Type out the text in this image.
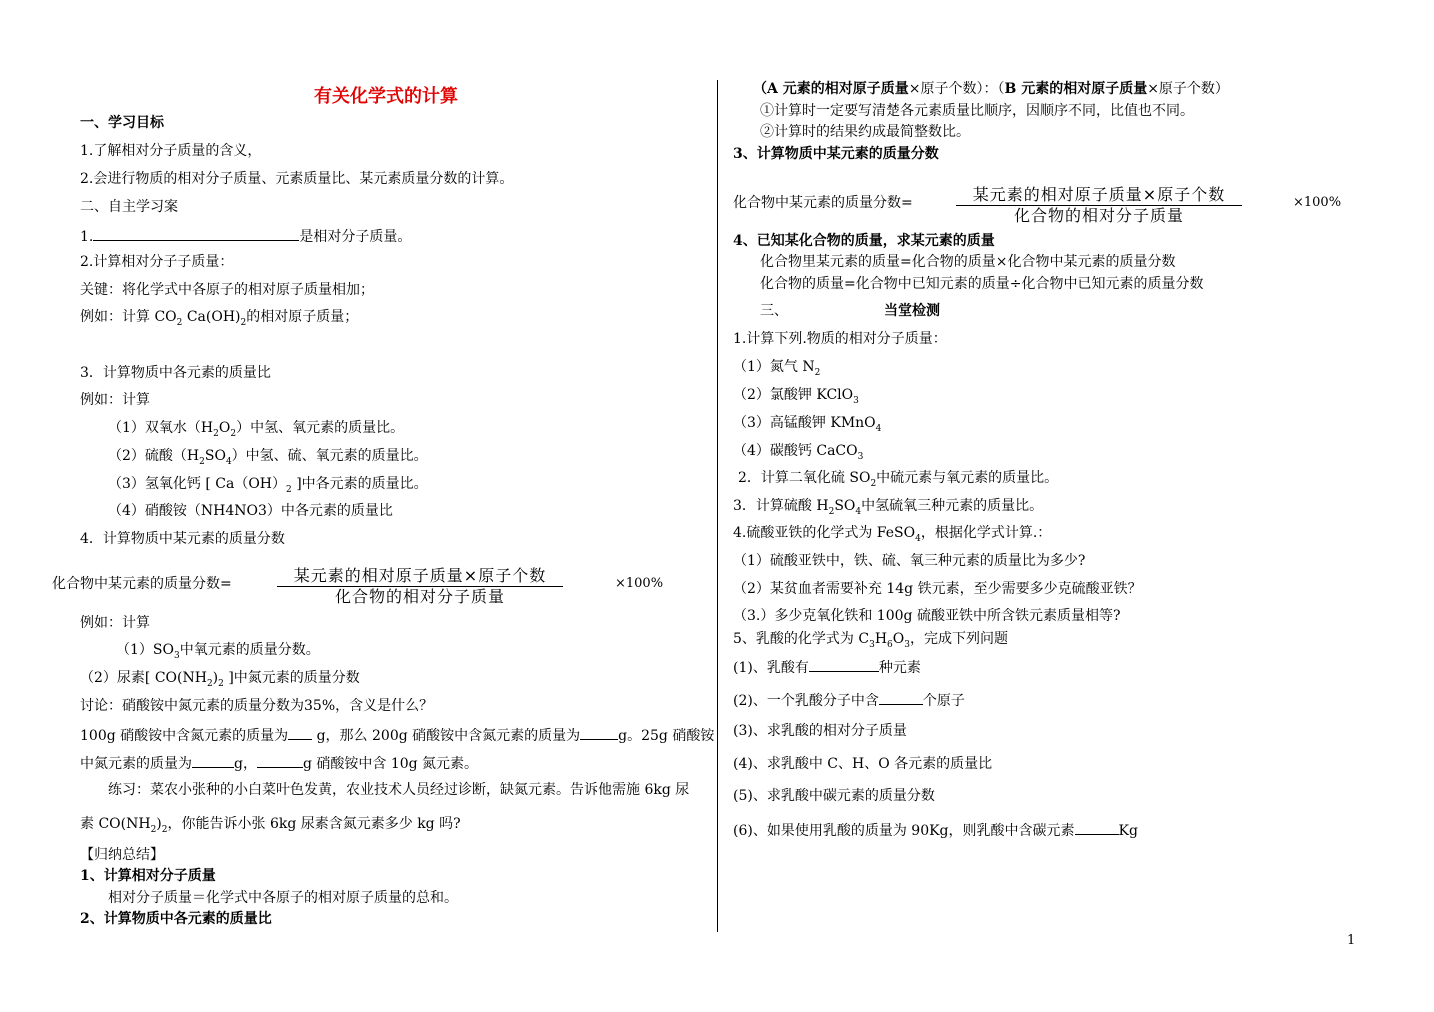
有关化学式的计算
一、学习目标
1.了解相对分子质量的含义，
2.会进行物质的相对分子质量、元素质量比、某元素质量分数的计算。
二、自主学习案
1.	是相对分子质量。
2.计算相对分子子质量：
关键：将化学式中各原子的相对原子质量相加；
例如：计算 $CO_2$ $Ca(OH)_2$的相对原子质量；
3．计算物质中各元素的质量比
例如：计算
（1）双氧水$(H_2O_2)$中氢、氧元素的质量比。
（2）硫酸$(H_2SO_4)$中氢、硫、氧元素的质量比。
（3）氢氧化钙 [ $Ca(OH)_2$ ]中各元素的质量比。
（4）硝酸铵（NH4NO3）中各元素的质量比
4．计算物质中某元素的质量分数
化合物中某元素的质量分数=	某元素的相对原子质量×原子个数
化合物的相对分子质量
×100%
例如：计算
$(1)SO_3$中氧元素的质量分数。
（2）尿素[ $CO(NH_2)_2$ ]中氮元素的质量分数
讨论：硝酸铵中氮元素的质量分数为35%，含义是什么？
100g 硝酸铵中含氮元素的质量为 g，那么 200g 硝酸铵中含氮元素的质量为	g。25g 硝酸铵
中氮元素的质量为	g，	g 硝酸铵中含 10g 氮元素。
练习：菜农小张种的小白菜叶色发黄，农业技术人员经过诊断，缺氮元素。告诉他需施 6kg 尿
素 $CO(NH_2)_2$，你能告诉小张 6kg 尿素含氮元素多少 kg 吗?
【归纳总结】
1、计算相对分子质量
相对分子质量＝化学式中各原子的相对原子质量的总和。
2、计算物质中各元素的质量比
（A 元素的相对原子质量×原子个数）：（B 元素的相对原子质量×原子个数）
①计算时一定要写清楚各元素质量比顺序，因顺序不同，比值也不同。
②计算时的结果约成最简整数比。
3、计算物质中某元素的质量分数
化合物中某元素的质量分数=	某元素的相对原子质量×原子个数
化合物的相对分子质量
×100%
4、已知某化合物的质量，求某元素的质量
化合物里某元素的质量=化合物的质量×化合物中某元素的质量分数
化合物的质量=化合物中已知元素的质量÷化合物中已知元素的质量分数
三、	当堂检测
1.计算下列.物质的相对分子质量：
（1）氮气 $N_2$
（2）氯酸钾 KClO$_3$
（3）高锰酸钾 KMnO$_4$
（4）碳酸钙 CaCO$_3$
2．计算二氧化硫 $SO_2$中硫元素与氧元素的质量比。
3．计算硫酸 $H_2SO_4$中氢硫氧三种元素的质量比。
4.硫酸亚铁的化学式为 FeSO$_4$，根据化学式计算.：
（1）硫酸亚铁中，铁、硫、氧三种元素的质量比为多少?
（2）某贫血者需要补充 14g 铁元素，至少需要多少克硫酸亚铁？
（3.）多少克氧化铁和 100g 硫酸亚铁中所含铁元素质量相等?
5、乳酸的化学式为 $C_3H_6O_3$，完成下列问题
(1)、乳酸有	种元素
(2)、一个乳酸分子中含	个原子
(3)、求乳酸的相对分子质量
(4)、求乳酸中 C、H、O 各元素的质量比
(5)、求乳酸中碳元素的质量分数
(6)、如果使用乳酸的质量为 90Kg，则乳酸中含碳元素	Kg
1
